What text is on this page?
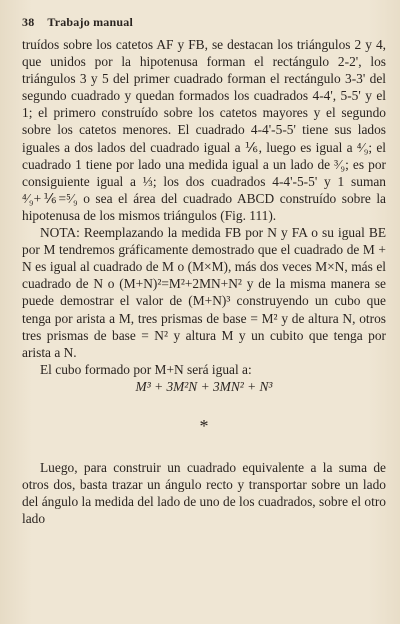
38 Trabajo manual

truídos sobre los catetos AF y FB, se destacan los triángulos 2 y 4, que unidos por la hipotenusa forman el rectángulo 2-2', los triángulos 3 y 5 del primer cuadrado forman el rectángulo 3-3' del segundo cuadrado y quedan formados los cuadrados 4-4', 5-5' y el 1; el primero construído sobre los catetos mayores y el segundo sobre los catetos menores. El cuadrado 4-4'-5-5' tiene sus lados iguales a dos lados del cuadrado igual a ⅙, luego es igual a ⁴⁄₉; el cuadrado 1 tiene por lado una medida igual a un lado de ³⁄₉; es por consiguiente igual a ⅓; los dos cuadrados 4-4'-5-5' y 1 suman ⁴⁄₉+⅙=⁵⁄₉ o sea el área del cuadrado ABCD construído sobre la hipotenusa de los mismos triángulos (Fig. 111).

NOTA: Reemplazando la medida FB por N y FA o su igual BE por M tendremos gráficamente demostrado que el cuadrado de M + N es igual al cuadrado de M o (M×M), más dos veces M×N, más el cuadrado de N o (M+N)²=M²+2MN+N² y de la misma manera se puede demostrar el valor de (M+N)³ construyendo un cubo que tenga por arista a M, tres prismas de base = M² y de altura N, otros tres prismas de base = N² y altura M y un cubito que tenga por arista a N.

El cubo formado por M+N será igual a:

M³ + 3M²N + 3MN² + N³

*

Luego, para construir un cuadrado equivalente a la suma de otros dos, basta trazar un ángulo recto y transportar sobre un lado del ángulo la medida del lado de uno de los cuadrados, sobre el otro lado
